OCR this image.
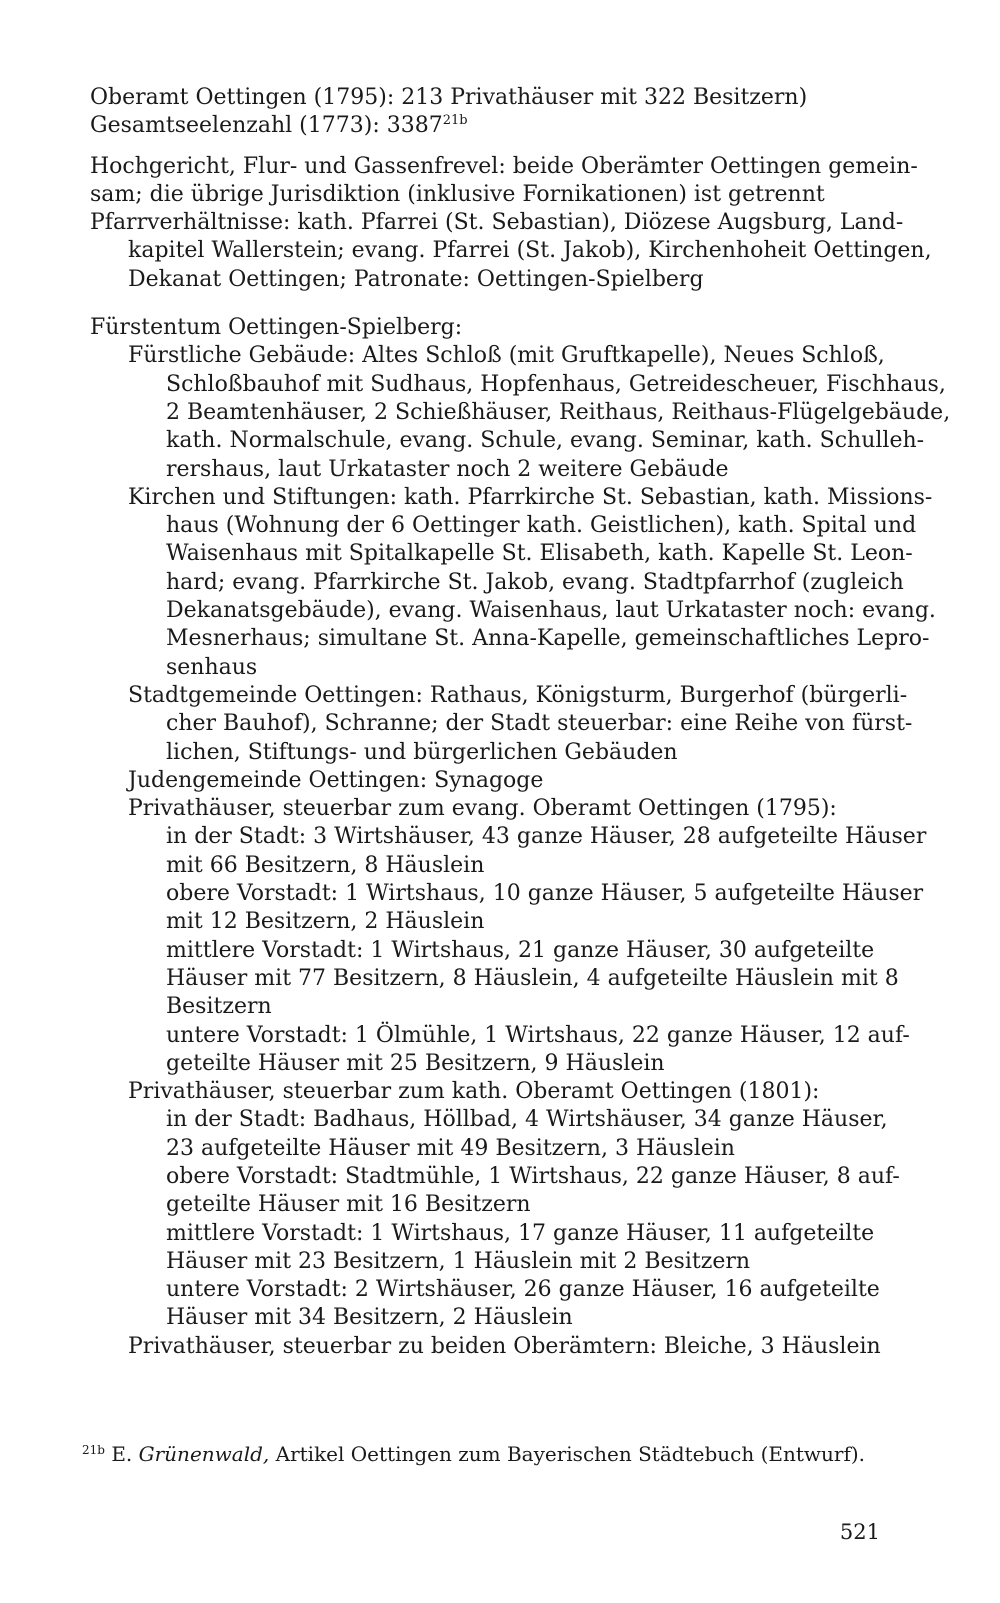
Oberamt Oettingen (1795): 213 Privathäuser mit 322 Besitzern)
Gesamtseelenzahl (1773): $3387^{21b}$
Hochgericht, Flur- und Gassenfrevel: beide Oberämter Oettingen gemein-
sam; die übrige Jurisdiktion (inklusive Fornikationen) ist getrennt
Pfarrverhältnisse: kath. Pfarrei (St. Sebastian), Diözese Augsburg, Land-
kapitel Wallerstein; evang. Pfarrei (St. Jakob), Kirchenhoheit Oettingen,
Dekanat Oettingen; Patronate: Oettingen-Spielberg
Fürstentum Oettingen-Spielberg:
Fürstliche Gebäude: Altes Schloß (mit Gruftkapelle), Neues Schloß,
Schloßbauhof mit Sudhaus, Hopfenhaus, Getreidescheuer, Fischhaus,
2 Beamtenhäuser, 2 Schießhäuser, Reithaus, Reithaus-Flügelgebäude,
kath. Normalschule, evang. Schule, evang. Seminar, kath. Schulleh-
rershaus, laut Urkataster noch 2 weitere Gebäude
Kirchen und Stiftungen: kath. Pfarrkirche St. Sebastian, kath. Missions-
haus (Wohnung der 6 Oettinger kath. Geistlichen), kath. Spital und
Waisenhaus mit Spitalkapelle St. Elisabeth, kath. Kapelle St. Leon-
hard; evang. Pfarrkirche St. Jakob, evang. Stadtpfarrhof (zugleich
Dekanatsgebäude), evang. Waisenhaus, laut Urkataster noch: evang.
Mesnerhaus; simultane St. Anna-Kapelle, gemeinschaftliches Lepro-
senhaus
Stadtgemeinde Oettingen: Rathaus, Königsturm, Burgerhof (bürgerli-
cher Bauhof), Schranne; der Stadt steuerbar: eine Reihe von fürst-
lichen, Stiftungs- und bürgerlichen Gebäuden
Judengemeinde Oettingen: Synagoge
Privathäuser, steuerbar zum evang. Oberamt Oettingen (1795):
in der Stadt: 3 Wirtshäuser, 43 ganze Häuser, 28 aufgeteilte Häuser
mit 66 Besitzern, 8 Häuslein
obere Vorstadt: 1 Wirtshaus, 10 ganze Häuser, 5 aufgeteilte Häuser
mit 12 Besitzern, 2 Häuslein
mittlere Vorstadt: 1 Wirtshaus, 21 ganze Häuser, 30 aufgeteilte
Häuser mit 77 Besitzern, 8 Häuslein, 4 aufgeteilte Häuslein mit 8
Besitzern
untere Vorstadt: 1 Ölmühle, 1 Wirtshaus, 22 ganze Häuser, 12 auf-
geteilte Häuser mit 25 Besitzern, 9 Häuslein
Privathäuser, steuerbar zum kath. Oberamt Oettingen (1801):
in der Stadt: Badhaus, Höllbad, 4 Wirtshäuser, 34 ganze Häuser,
23 aufgeteilte Häuser mit 49 Besitzern, 3 Häuslein
obere Vorstadt: Stadtmühle, 1 Wirtshaus, 22 ganze Häuser, 8 auf-
geteilte Häuser mit 16 Besitzern
mittlere Vorstadt: 1 Wirtshaus, 17 ganze Häuser, 11 aufgeteilte
Häuser mit 23 Besitzern, 1 Häuslein mit 2 Besitzern
untere Vorstadt: 2 Wirtshäuser, 26 ganze Häuser, 16 aufgeteilte
Häuser mit 34 Besitzern, 2 Häuslein
Privathäuser, steuerbar zu beiden Oberämtern: Bleiche, 3 Häuslein
$^{21b}$ E. Grünenwald, Artikel Oettingen zum Bayerischen Städtebuch (Entwurf).
521
